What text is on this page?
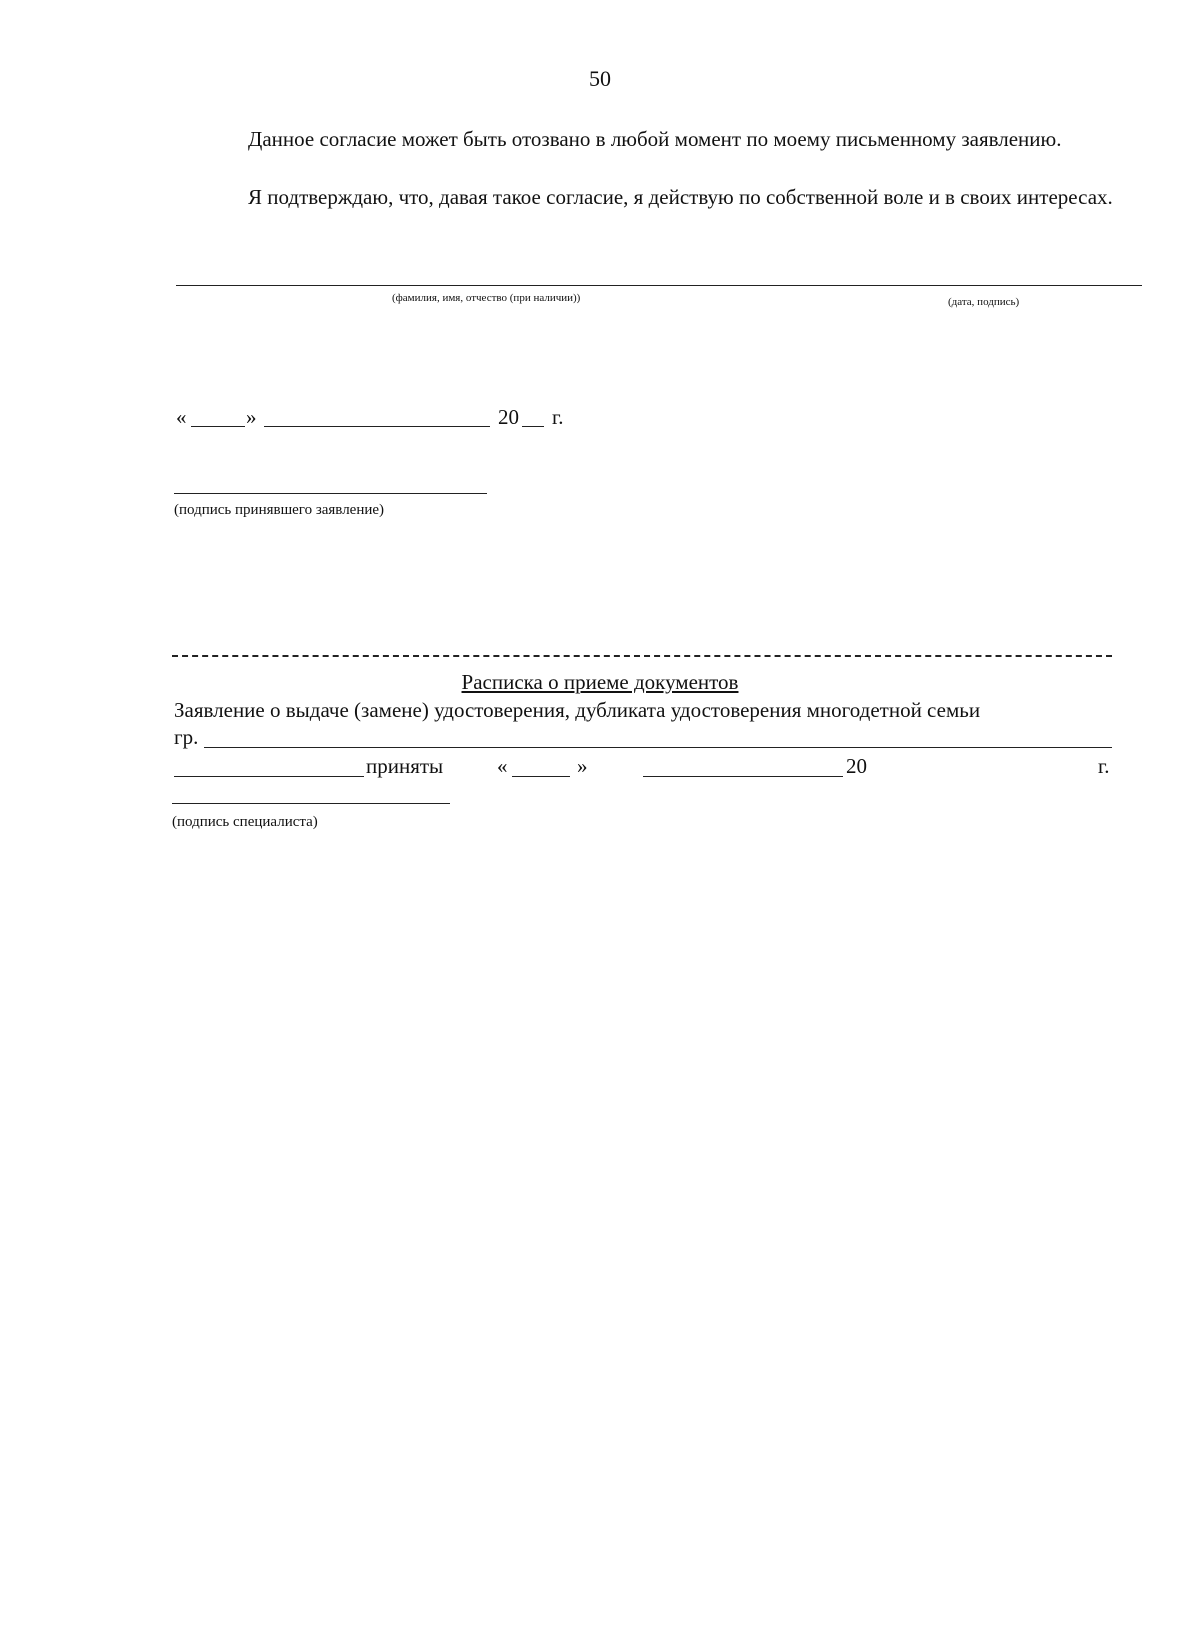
50
Данное согласие может быть отозвано в любой момент по моему письменному заявлению.
Я подтверждаю, что, давая такое согласие, я действую по собственной воле и в своих интересах.
(фамилия, имя, отчество (при наличии))	(дата, подпись)
«	»	20 г.
(подпись принявшего заявление)
Расписка о приеме документов
Заявление о выдаче (замене) удостоверения, дубликата удостоверения многодетной семьи
гр.
приняты	«	»	20	г.
(подпись специалиста)
